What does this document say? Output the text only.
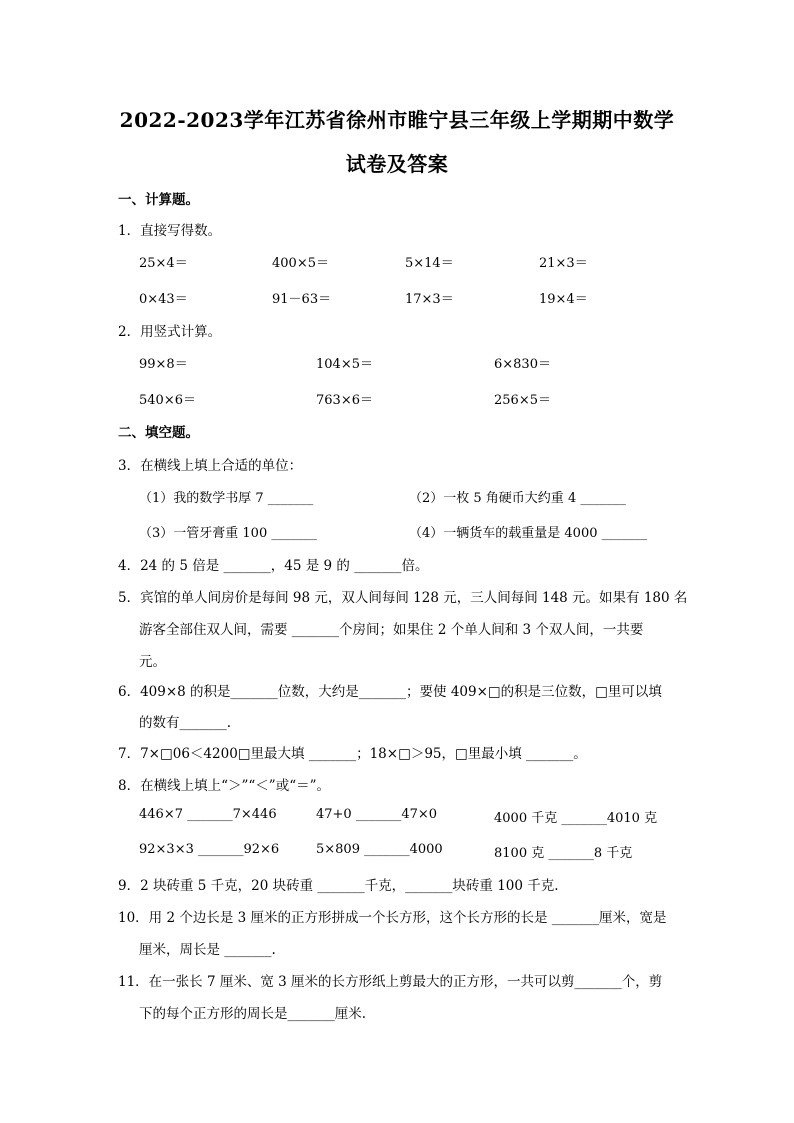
2022-2023学年江苏省徐州市睢宁县三年级上学期期中数学
试卷及答案
一、计算题。
1．直接写得数。
25×4＝	400×5＝	5×14＝	21×3＝
0×43＝	91－63＝	17×3＝	19×4＝
2．用竖式计算。
99×8＝	104×5＝	6×830＝
540×6＝	763×6＝	256×5＝
二、填空题。
3．在横线上填上合适的单位：
（1）我的数学书厚 7 _______	（2）一枚 5 角硬币大约重 4 _______
（3）一管牙膏重 100 _______	（4）一辆货车的载重量是 4000 _______
4．24 的 5 倍是 _______，45 是 9 的 _______倍。
5．宾馆的单人间房价是每间 98 元，双人间每间 128 元，三人间每间 148 元。如果有 180 名
游客全部住双人间，需要 _______个房间；如果住 2 个单人间和 3 个双人间，一共要
元。
6．409×8 的积是_______位数，大约是_______；要使 409×□的积是三位数，□里可以填
的数有_______.
7．7×□06＜4200□里最大填 _______；18×□＞95，□里最小填 _______。
8．在横线上填上“＞”“＜”或“＝”。
446×7 _______7×446	47+0 _______47×0	4000 千克 _______4010 克
92×3×3 _______92×6	5×809 _______4000	8100 克 _______8 千克
9．2 块砖重 5 千克，20 块砖重 _______千克，_______块砖重 100 千克.
10．用 2 个边长是 3 厘米的正方形拼成一个长方形，这个长方形的长是 _______厘米，宽是
厘米，周长是 _______.
11．在一张长 7 厘米、宽 3 厘米的长方形纸上剪最大的正方形，一共可以剪_______个，剪
下的每个正方形的周长是_______厘米.
